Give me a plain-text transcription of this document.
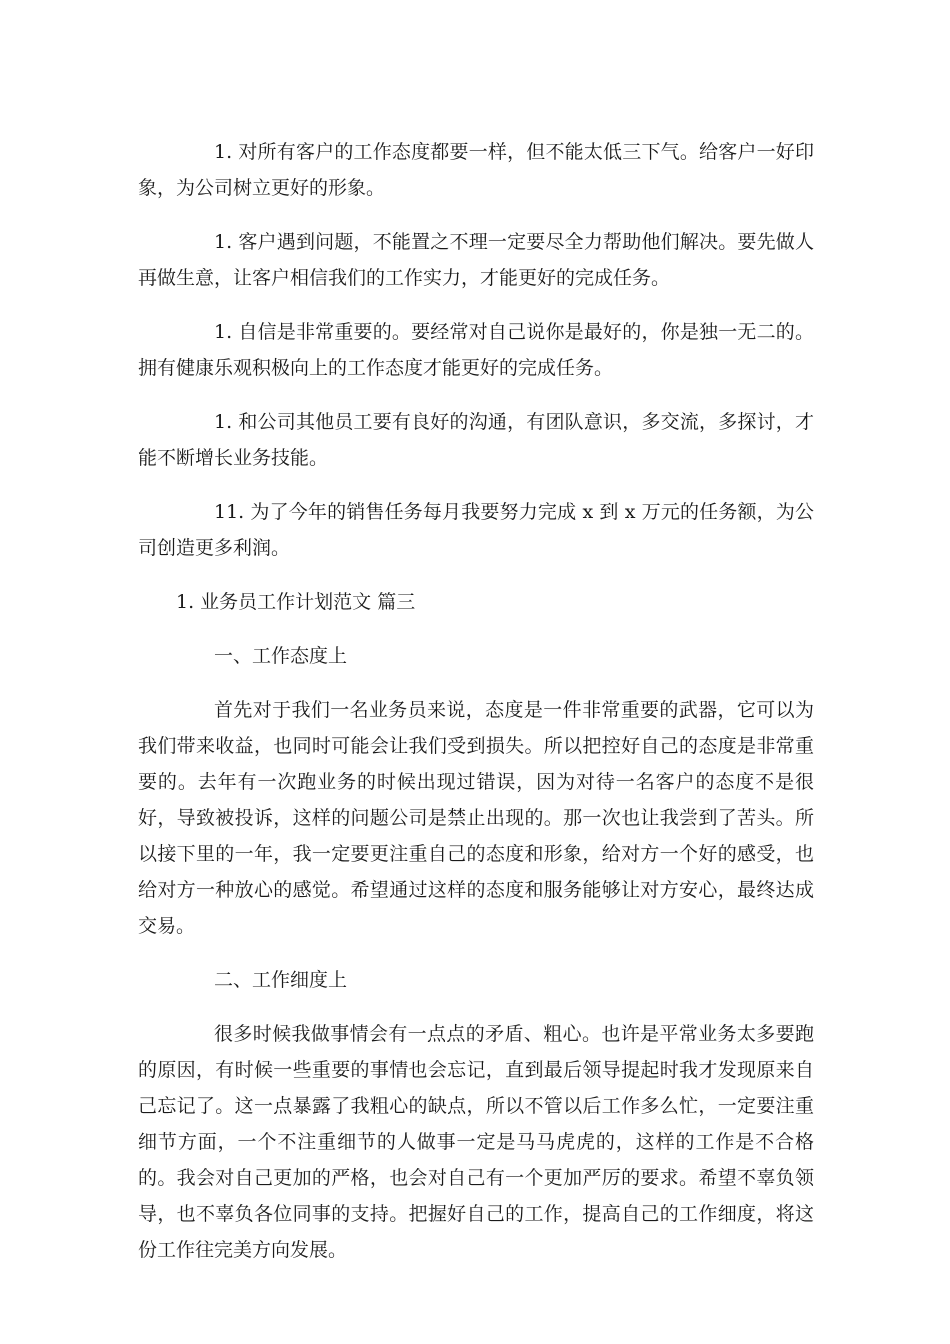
1. 对所有客户的工作态度都要一样，但不能太低三下气。给客户一好印象，为公司树立更好的形象。

1. 客户遇到问题，不能置之不理一定要尽全力帮助他们解决。要先做人再做生意，让客户相信我们的工作实力，才能更好的完成任务。

1. 自信是非常重要的。要经常对自己说你是最好的，你是独一无二的。拥有健康乐观积极向上的工作态度才能更好的完成任务。

1. 和公司其他员工要有良好的沟通，有团队意识，多交流，多探讨，才能不断增长业务技能。

11. 为了今年的销售任务每月我要努力完成 x 到 x 万元的任务额，为公司创造更多利润。

1. 业务员工作计划范文 篇三

一、工作态度上

首先对于我们一名业务员来说，态度是一件非常重要的武器，它可以为我们带来收益，也同时可能会让我们受到损失。所以把控好自己的态度是非常重要的。去年有一次跑业务的时候出现过错误，因为对待一名客户的态度不是很好，导致被投诉，这样的问题公司是禁止出现的。那一次也让我尝到了苦头。所以接下里的一年，我一定要更注重自己的态度和形象，给对方一个好的感受，也给对方一种放心的感觉。希望通过这样的态度和服务能够让对方安心，最终达成交易。

二、工作细度上

很多时候我做事情会有一点点的矛盾、粗心。也许是平常业务太多要跑的原因，有时候一些重要的事情也会忘记，直到最后领导提起时我才发现原来自己忘记了。这一点暴露了我粗心的缺点，所以不管以后工作多么忙，一定要注重细节方面，一个不注重细节的人做事一定是马马虎虎的，这样的工作是不合格的。我会对自己更加的严格，也会对自己有一个更加严厉的要求。希望不辜负领导，也不辜负各位同事的支持。把握好自己的工作，提高自己的工作细度，将这份工作往完美方向发展。
